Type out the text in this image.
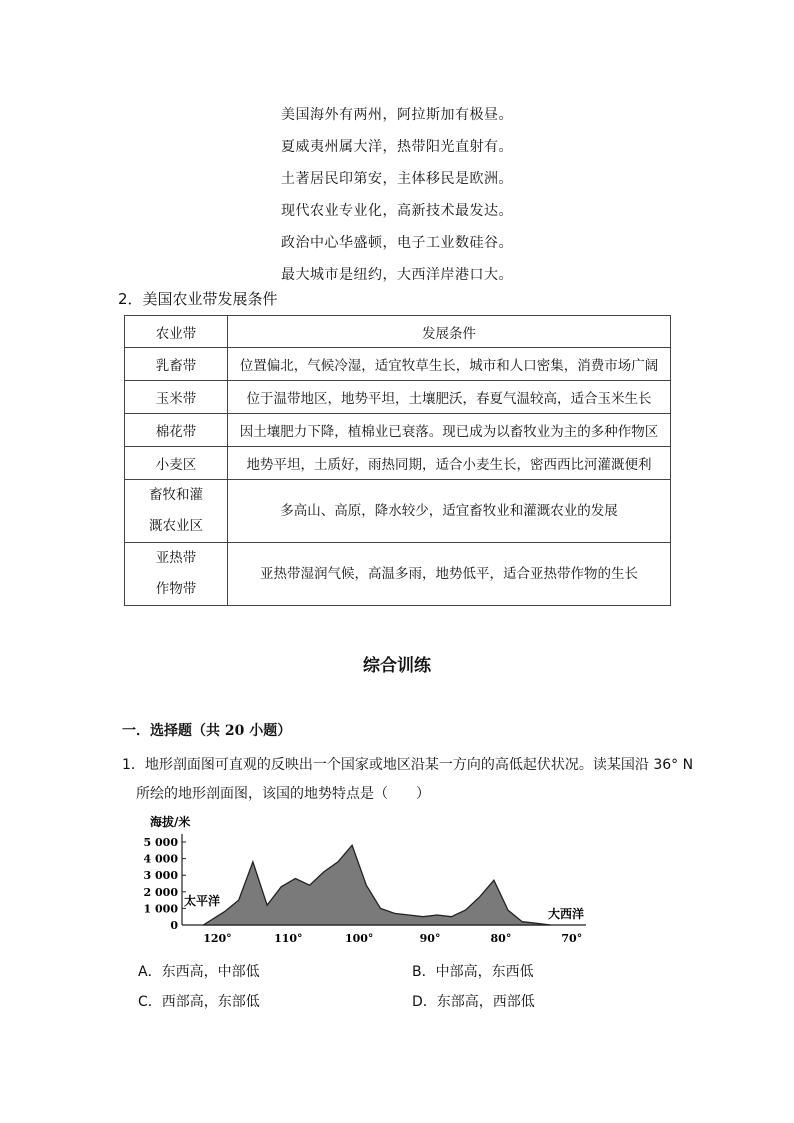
美国海外有两州，阿拉斯加有极昼。
夏威夷州属大洋，热带阳光直射有。
土著居民印第安，主体移民是欧洲。
现代农业专业化，高新技术最发达。
政治中心华盛顿，电子工业数硅谷。
最大城市是纽约，大西洋岸港口大。
2．美国农业带发展条件
农业带	发展条件
乳畜带	位置偏北，气候冷湿，适宜牧草生长，城市和人口密集，消费市场广阔
玉米带	位于温带地区，地势平坦，土壤肥沃，春夏气温较高，适合玉米生长
棉花带	因土壤肥力下降，植棉业已衰落。现已成为以畜牧业为主的多种作物区
小麦区	地势平坦，土质好，雨热同期，适合小麦生长，密西西比河灌溉便利
畜牧和灌
溉农业区	多高山、高原，降水较少，适宜畜牧业和灌溉农业的发展
亚热带
作物带	亚热带湿润气候，高温多雨，地势低平，适合亚热带作物的生长
综合训练
一．选择题（共 20 小题）
1．地形剖面图可直观的反映出一个国家或地区沿某一方向的高低起伏状况。读某国沿 36° N
所绘的地形剖面图，该国的地势特点是（　　）
海拔/米
5 000
4 000
3 000
2 000
1 000
0
120°	110°	100°	90°	80°	70°
太平洋
大西洋
A．东西高，中部低	B．中部高，东西低
C．西部高，东部低	D．东部高，西部低
